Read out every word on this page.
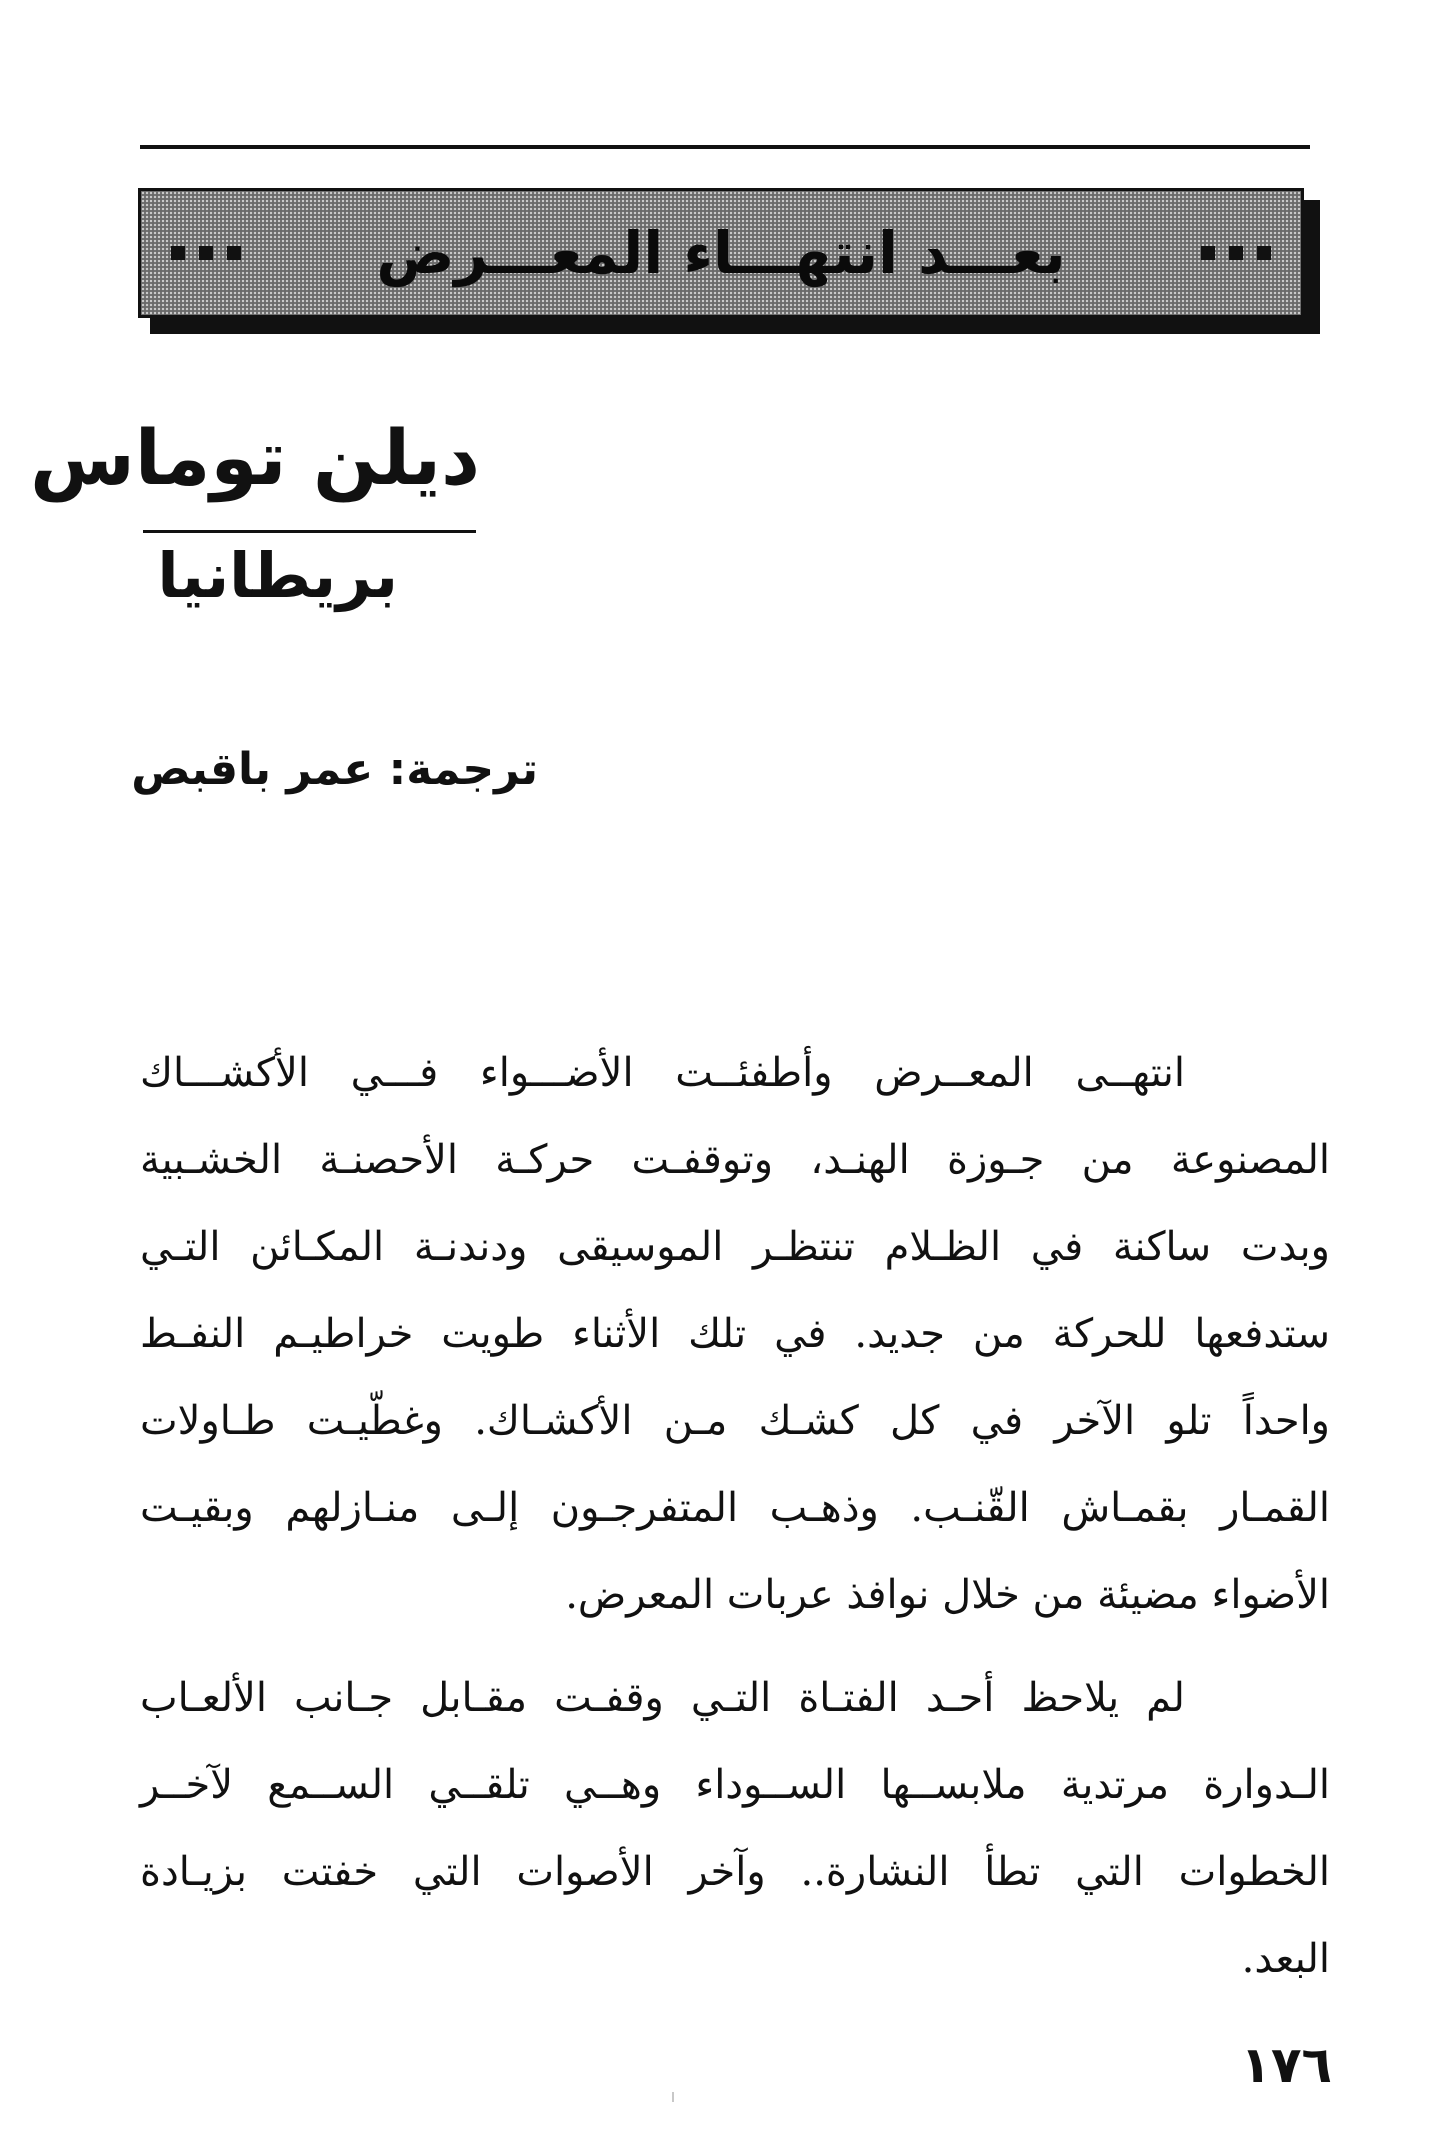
بعـــد انتهـــاء المعـــرض
ديلن توماس
بريطانيا
ترجمة: عمر باقبص
انتهــى المعــرض وأطفئــت الأضـــواء فـــي الأكشـــاك
المصنوعة من جـوزة الهنـد، وتوقفـت حركـة الأحصنـة الخشـبية
وبدت ساكنة في الظـلام تنتظـر الموسيقى ودندنـة المكـائن التـي
ستدفعها للحركة من جديد. في تلك الأثناء طويت خراطيـم النفـط
واحداً تلو الآخر في كل كشـك مـن الأكشـاك. وغطّيـت طـاولات
القمـار بقمـاش القّنـب. وذهـب المتفرجـون إلـى منـازلهم وبقيـت
الأضواء مضيئة من خلال نوافذ عربات المعرض.
لم يلاحظ أحـد الفتـاة التـي وقفـت مقـابل جـانب الألعـاب
الـدوارة مرتدية ملابســها الســوداء وهــي تلقــي الســمع لآخــر
الخطوات التي تطأ النشارة.. وآخر الأصوات التي خفتت بزيـادة
البعد.
١٧٦
